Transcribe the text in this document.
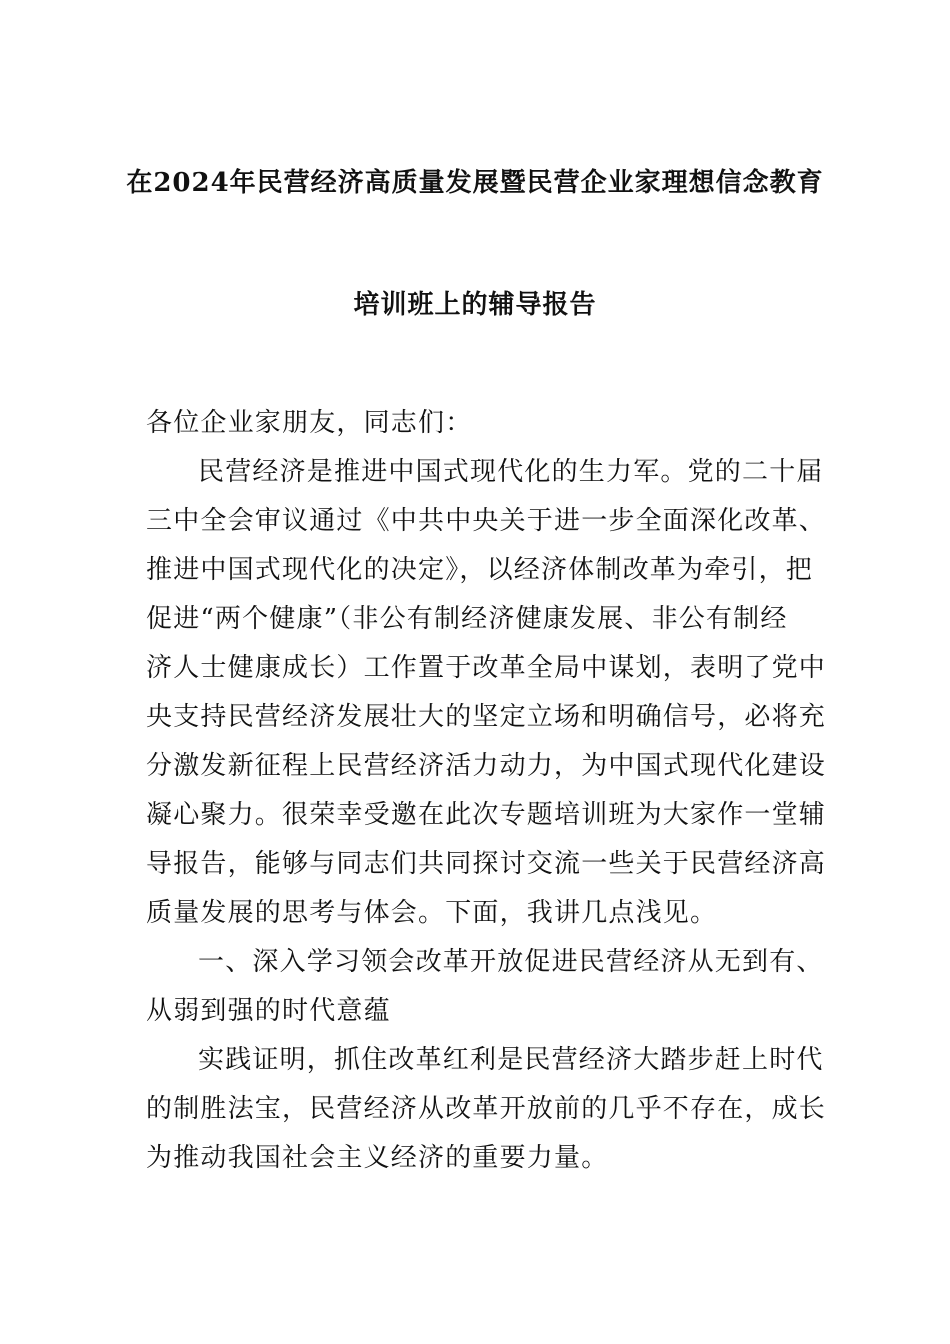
在2024年民营经济高质量发展暨民营企业家理想信念教育
培训班上的辅导报告
各位企业家朋友，同志们：
民营经济是推进中国式现代化的生力军。党的二十届
三中全会审议通过《中共中央关于进一步全面深化改革、
推进中国式现代化的决定》，以经济体制改革为牵引，把
促进“两个健康”（非公有制经济健康发展、非公有制经
济人士健康成长）工作置于改革全局中谋划，表明了党中
央支持民营经济发展壮大的坚定立场和明确信号，必将充
分激发新征程上民营经济活力动力，为中国式现代化建设
凝心聚力。很荣幸受邀在此次专题培训班为大家作一堂辅
导报告，能够与同志们共同探讨交流一些关于民营经济高
质量发展的思考与体会。下面，我讲几点浅见。
一、深入学习领会改革开放促进民营经济从无到有、
从弱到强的时代意蕴
实践证明，抓住改革红利是民营经济大踏步赶上时代
的制胜法宝，民营经济从改革开放前的几乎不存在，成长
为推动我国社会主义经济的重要力量。
